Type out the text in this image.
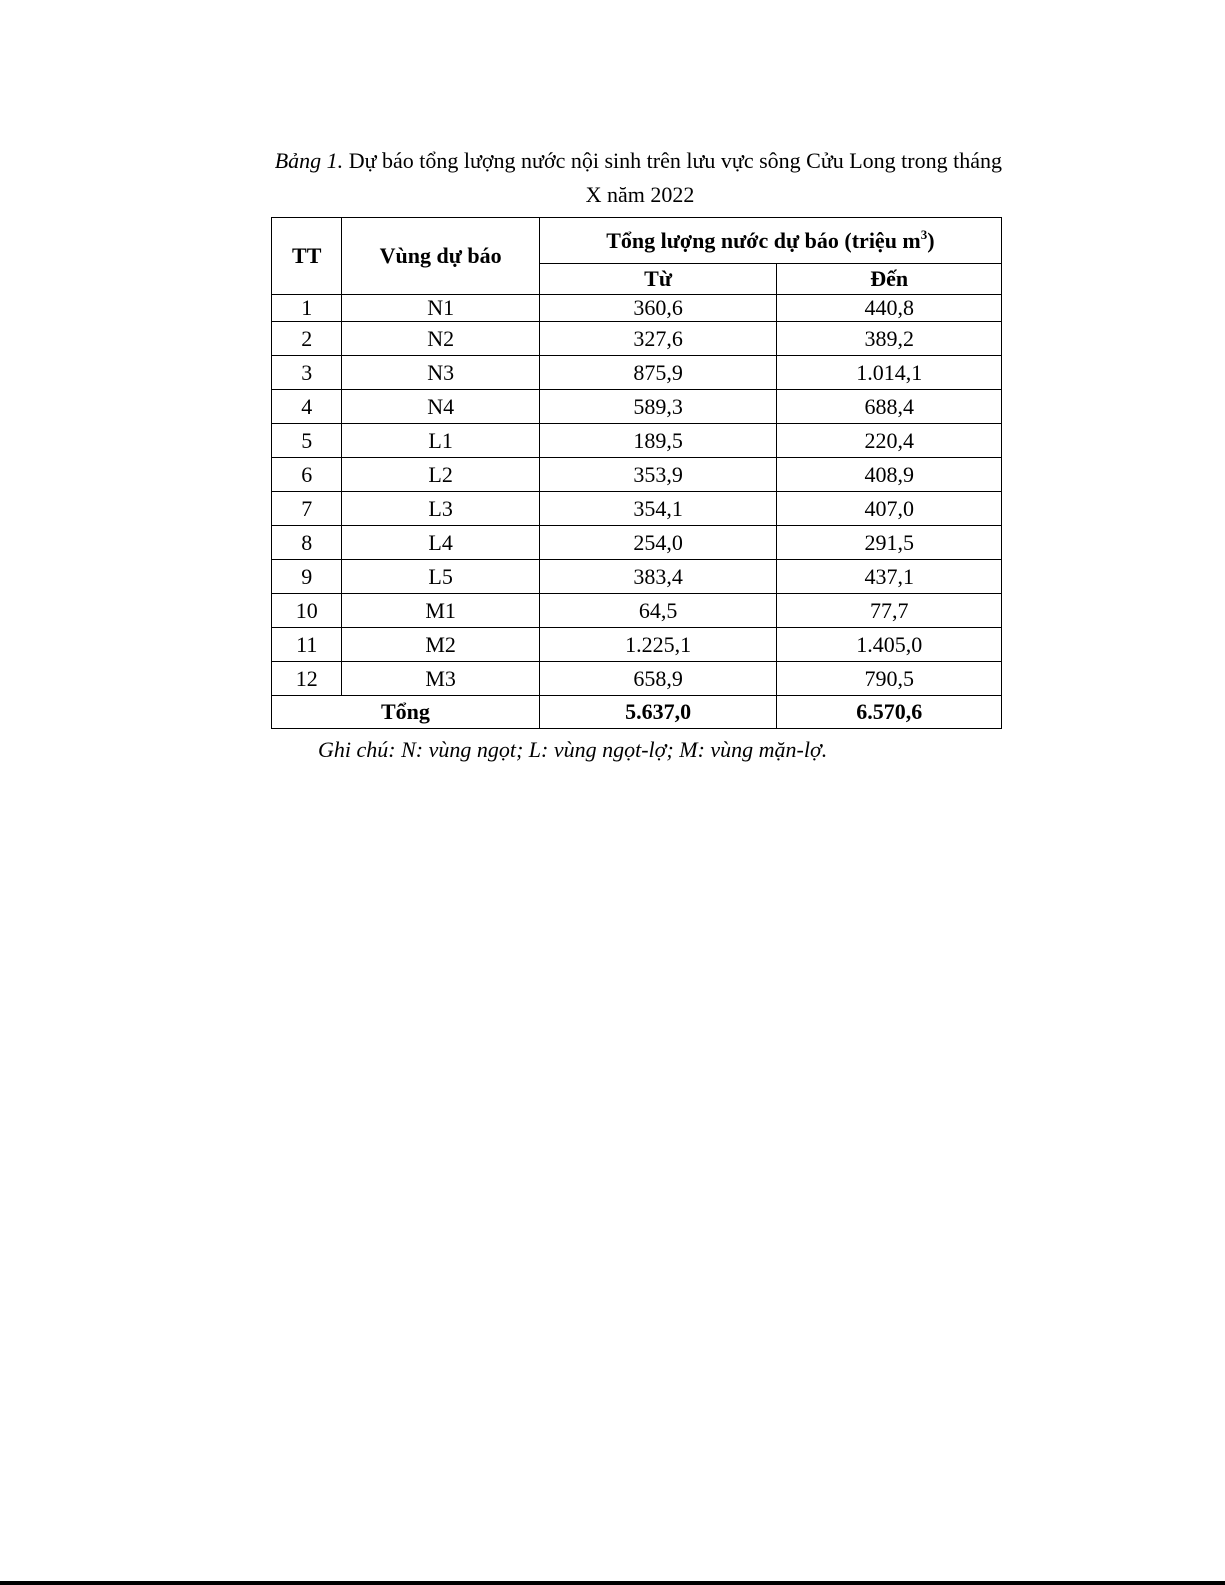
Bảng 1. Dự báo tổng lượng nước nội sinh trên lưu vực sông Cửu Long trong tháng
X năm 2022
TT	Vùng dự báo	Tổng lượng nước dự báo (triệu $m^3$)	
		Từ	Đến
1	N1	360,6	440,8
2	N2	327,6	389,2
3	N3	875,9	1.014,1
4	N4	589,3	688,4
5	L1	189,5	220,4
6	L2	353,9	408,9
7	L3	354,1	407,0
8	L4	254,0	291,5
9	L5	383,4	437,1
10	M1	64,5	77,7
11	M2	1.225,1	1.405,0
12	M3	658,9	790,5
Tổng		5.637,0	6.570,6
Ghi chú: N: vùng ngọt; L: vùng ngọt-lợ; M: vùng mặn-lợ.
